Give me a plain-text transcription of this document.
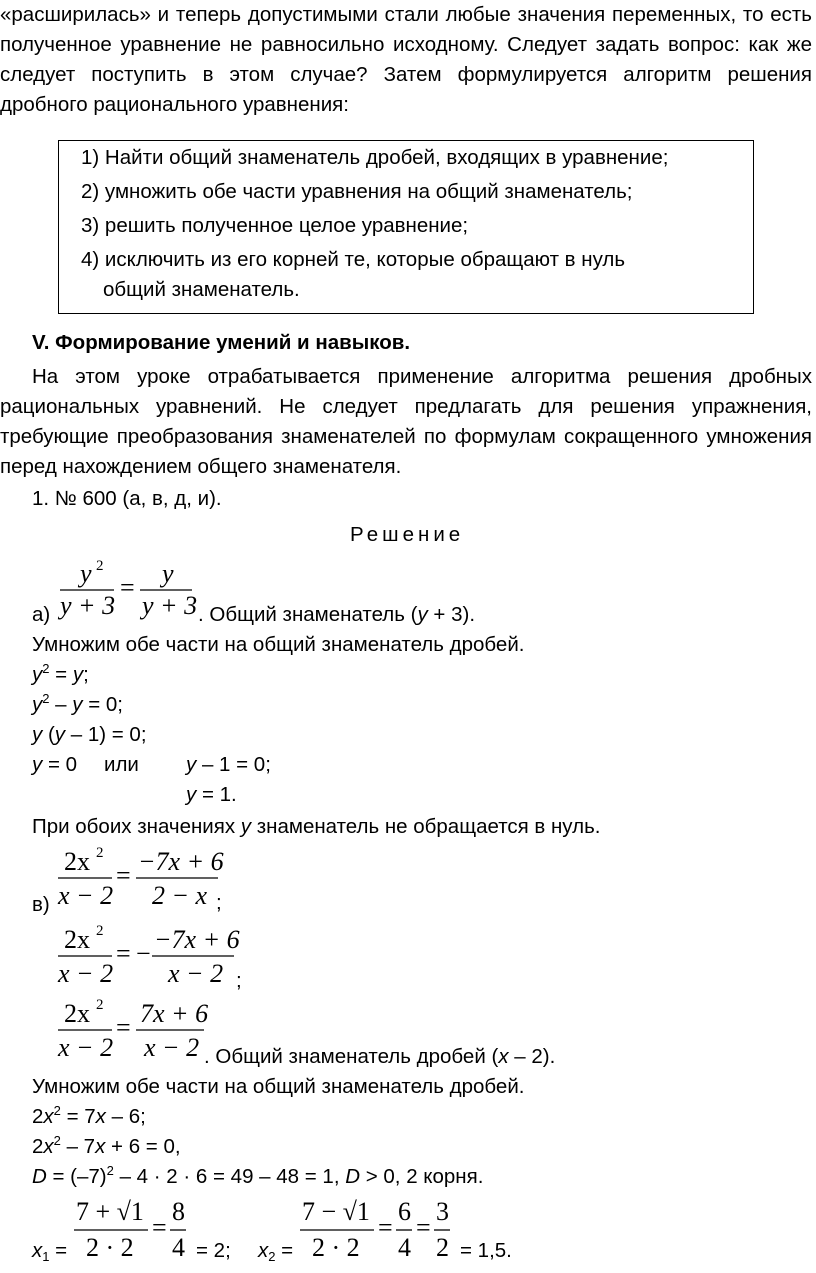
«расширилась» и теперь допустимыми стали любые значения переменных, то есть полученное уравнение не равносильно исходному. Следует задать вопрос: как же следует поступить в этом случае? Затем формулируется алгоритм решения дробного рационального уравнения:

1) Найти общий знаменатель дробей, входящих в уравнение;
2) умножить обе части уравнения на общий знаменатель;
3) решить полученное целое уравнение;
4) исключить из его корней те, которые обращают в нуль
общий знаменатель.
V. Формирование умений и навыков.

На этом уроке отрабатывается применение алгоритма решения дробных рациональных уравнений. Не следует предлагать для решения упражнения, требующие преобразования знаменателей по формулам сокращенного умножения перед нахождением общего знаменателя.

1. № 600 (а, в, д, и).
Решение
y 2
y + 3
= y
y + 3
а)	. Общий знаменатель (y + 3).
Умножим обе части на общий знаменатель дробей.
$y^2 = y$;
$y^2 - y = 0$;
y (y – 1) = 0;
y = 0 или y – 1 = 0;
y = 1.
При обоих значениях y знаменатель не обращается в нуль.
2x 2
x − 2
= −7x + 6
2 − x
в)	;
2x 2
x − 2
= − −7x + 6
x − 2 ;
2x 2
x − 2
= 7x + 6
x − 2 . Общий знаменатель дробей (x – 2).
Умножим обе части на общий знаменатель дробей.
$2x^2 = 7x - 6$;
$2x^2 - 7x + 6 = 0$,
$D = (-7)^2 - 4 \cdot 2 \cdot 6 = 49 - 48 = 1$, D > 0, 2 корня.
$x_1$ =
7 + √1
2 · 2
=
8
4 = 2; $x_2$ =
7 − √1
2 · 2
=
6
4
=
3
2 = 1,5.
